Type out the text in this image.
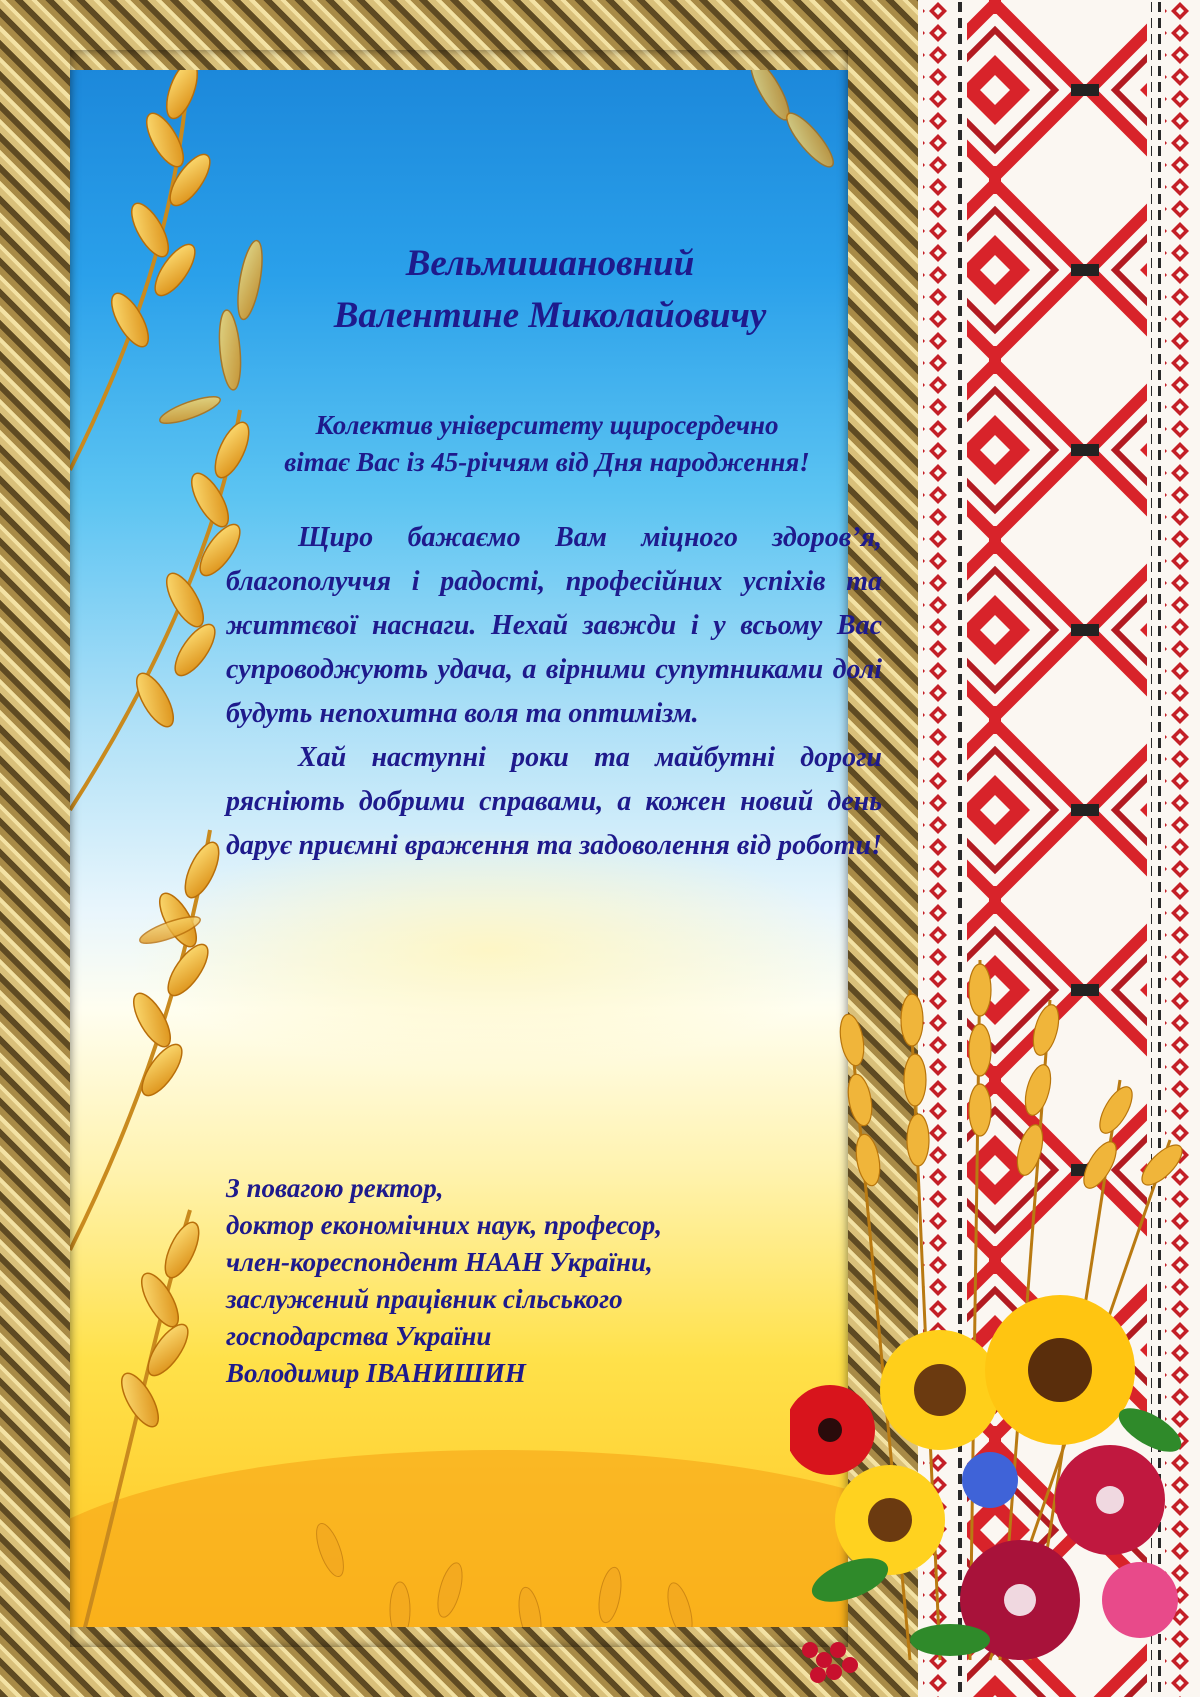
Вельмишановний
Валентине Миколайовичу
Колектив університету щиросердечно
вітає Вас із 45-річчям від Дня народження!

Щиро бажаємо Вам міцного здоров’я, благополуччя і радості, професійних успіхів та життєвої наснаги. Нехай завжди і у всьому Вас супроводжують удача, а вірними супутниками долі будуть непохитна воля та оптимізм.

Хай наступні роки та майбутні дороги рясніють добрими справами, а кожен новий день дарує приємні враження та задоволення від роботи!

З повагою ректор,
доктор економічних наук, професор,
член-кореспондент НААН України,
заслужений працівник сільського
господарства України
Володимир ІВАНИШИН
